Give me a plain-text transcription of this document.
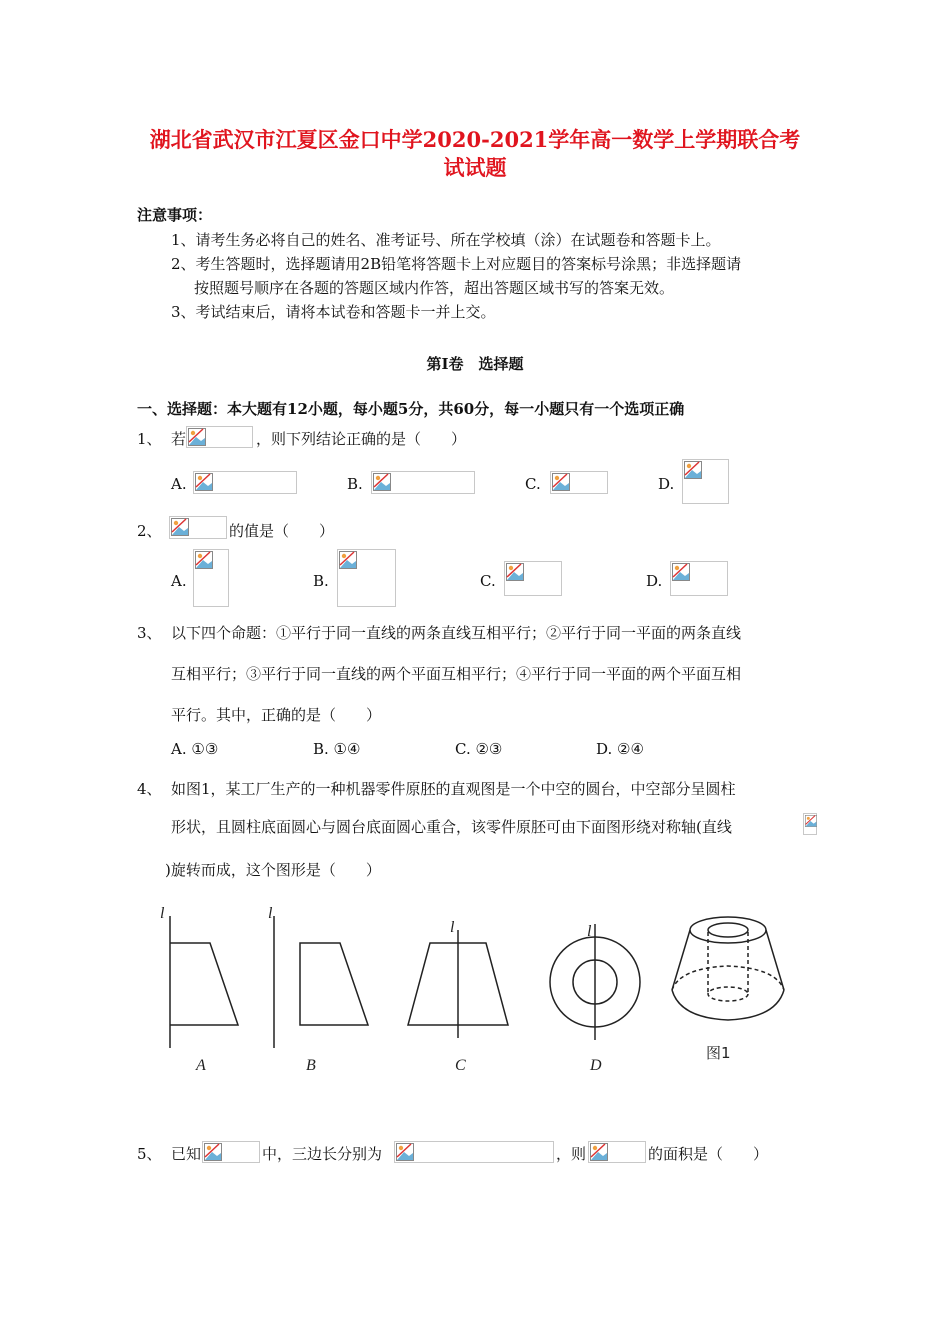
湖北省武汉市江夏区金口中学2020-2021学年高一数学上学期联合考
试试题
注意事项：
1、请考生务必将自己的姓名、准考证号、所在学校填（涂）在试题卷和答题卡上。
2、考生答题时，选择题请用2B铅笔将答题卡上对应题目的答案标号涂黑；非选择题请
按照题号顺序在各题的答题区域内作答，超出答题区域书写的答案无效。
3、考试结束后，请将本试卷和答题卡一并上交。
第Ⅰ卷　选择题
一、选择题：本大题有12小题，每小题5分，共60分，每一小题只有一个选项正确
1、 若	，则下列结论正确的是（　　）
A.	B.	C.	D.
2、	的值是（　　）
A.	B.	C.	D.
3、 以下四个命题：①平行于同一直线的两条直线互相平行；②平行于同一平面的两条直线
互相平行；③平行于同一直线的两个平面互相平行；④平行于同一平面的两个平面互相
平行。其中，正确的是（　　）
A. ①③	B. ①④	C. ②③	D. ②④
4、 如图1，某工厂生产的一种机器零件原胚的直观图是一个中空的圆台，中空部分呈圆柱
形状，且圆柱底面圆心与圆台底面圆心重合，该零件原胚可由下面图形绕对称轴(直线
)旋转而成，这个图形是（　　）
l	l
l	l
A	B	C	D
图1
5、 已知	中，三边长分别为	，则	的面积是（　　）
